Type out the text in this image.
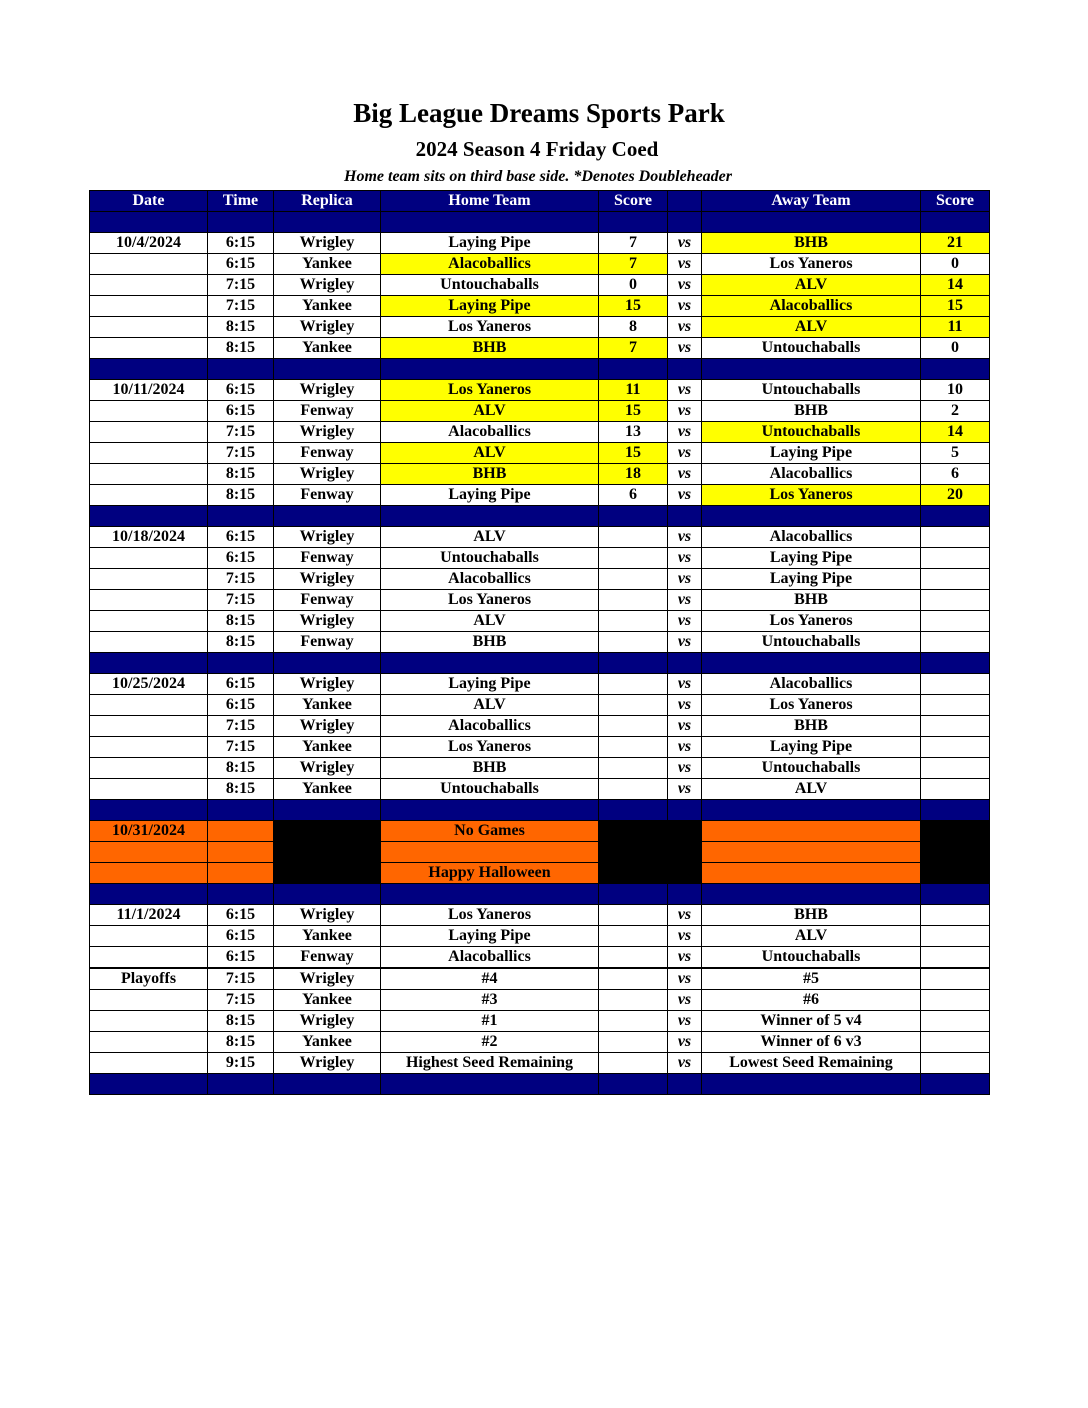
Big League Dreams Sports Park
2024 Season 4 Friday Coed
Home team sits on third base side. *Denotes Doubleheader
Date	Time	Replica	Home Team	Score		Away Team	Score

10/4/2024	6:15	Wrigley	Laying Pipe	7	vs	BHB	21
	6:15	Yankee	Alacoballics	7	vs	Los Yaneros	0
	7:15	Wrigley	Untouchaballs	0	vs	ALV	14
	7:15	Yankee	Laying Pipe	15	vs	Alacoballics	15
	8:15	Wrigley	Los Yaneros	8	vs	ALV	11
	8:15	Yankee	BHB	7	vs	Untouchaballs	0

10/11/2024	6:15	Wrigley	Los Yaneros	11	vs	Untouchaballs	10
	6:15	Fenway	ALV	15	vs	BHB	2
	7:15	Wrigley	Alacoballics	13	vs	Untouchaballs	14
	7:15	Fenway	ALV	15	vs	Laying Pipe	5
	8:15	Wrigley	BHB	18	vs	Alacoballics	6
	8:15	Fenway	Laying Pipe	6	vs	Los Yaneros	20

10/18/2024	6:15	Wrigley	ALV		vs	Alacoballics	
	6:15	Fenway	Untouchaballs		vs	Laying Pipe	
	7:15	Wrigley	Alacoballics		vs	Laying Pipe	
	7:15	Fenway	Los Yaneros		vs	BHB	
	8:15	Wrigley	ALV		vs	Los Yaneros	
	8:15	Fenway	BHB		vs	Untouchaballs	

10/25/2024	6:15	Wrigley	Laying Pipe		vs	Alacoballics	
	6:15	Yankee	ALV		vs	Los Yaneros	
	7:15	Wrigley	Alacoballics		vs	BHB	
	7:15	Yankee	Los Yaneros		vs	Laying Pipe	
	8:15	Wrigley	BHB		vs	Untouchaballs	
	8:15	Yankee	Untouchaballs		vs	ALV	

10/31/2024			No Games				

			Happy Halloween				

11/1/2024	6:15	Wrigley	Los Yaneros		vs	BHB	
	6:15	Yankee	Laying Pipe		vs	ALV	
	6:15	Fenway	Alacoballics		vs	Untouchaballs	
Playoffs	7:15	Wrigley	#4		vs	#5	
	7:15	Yankee	#3		vs	#6	
	8:15	Wrigley	#1		vs	Winner of 5 v4	
	8:15	Yankee	#2		vs	Winner of 6 v3	
	9:15	Wrigley	Highest Seed Remaining		vs	Lowest Seed Remaining	
